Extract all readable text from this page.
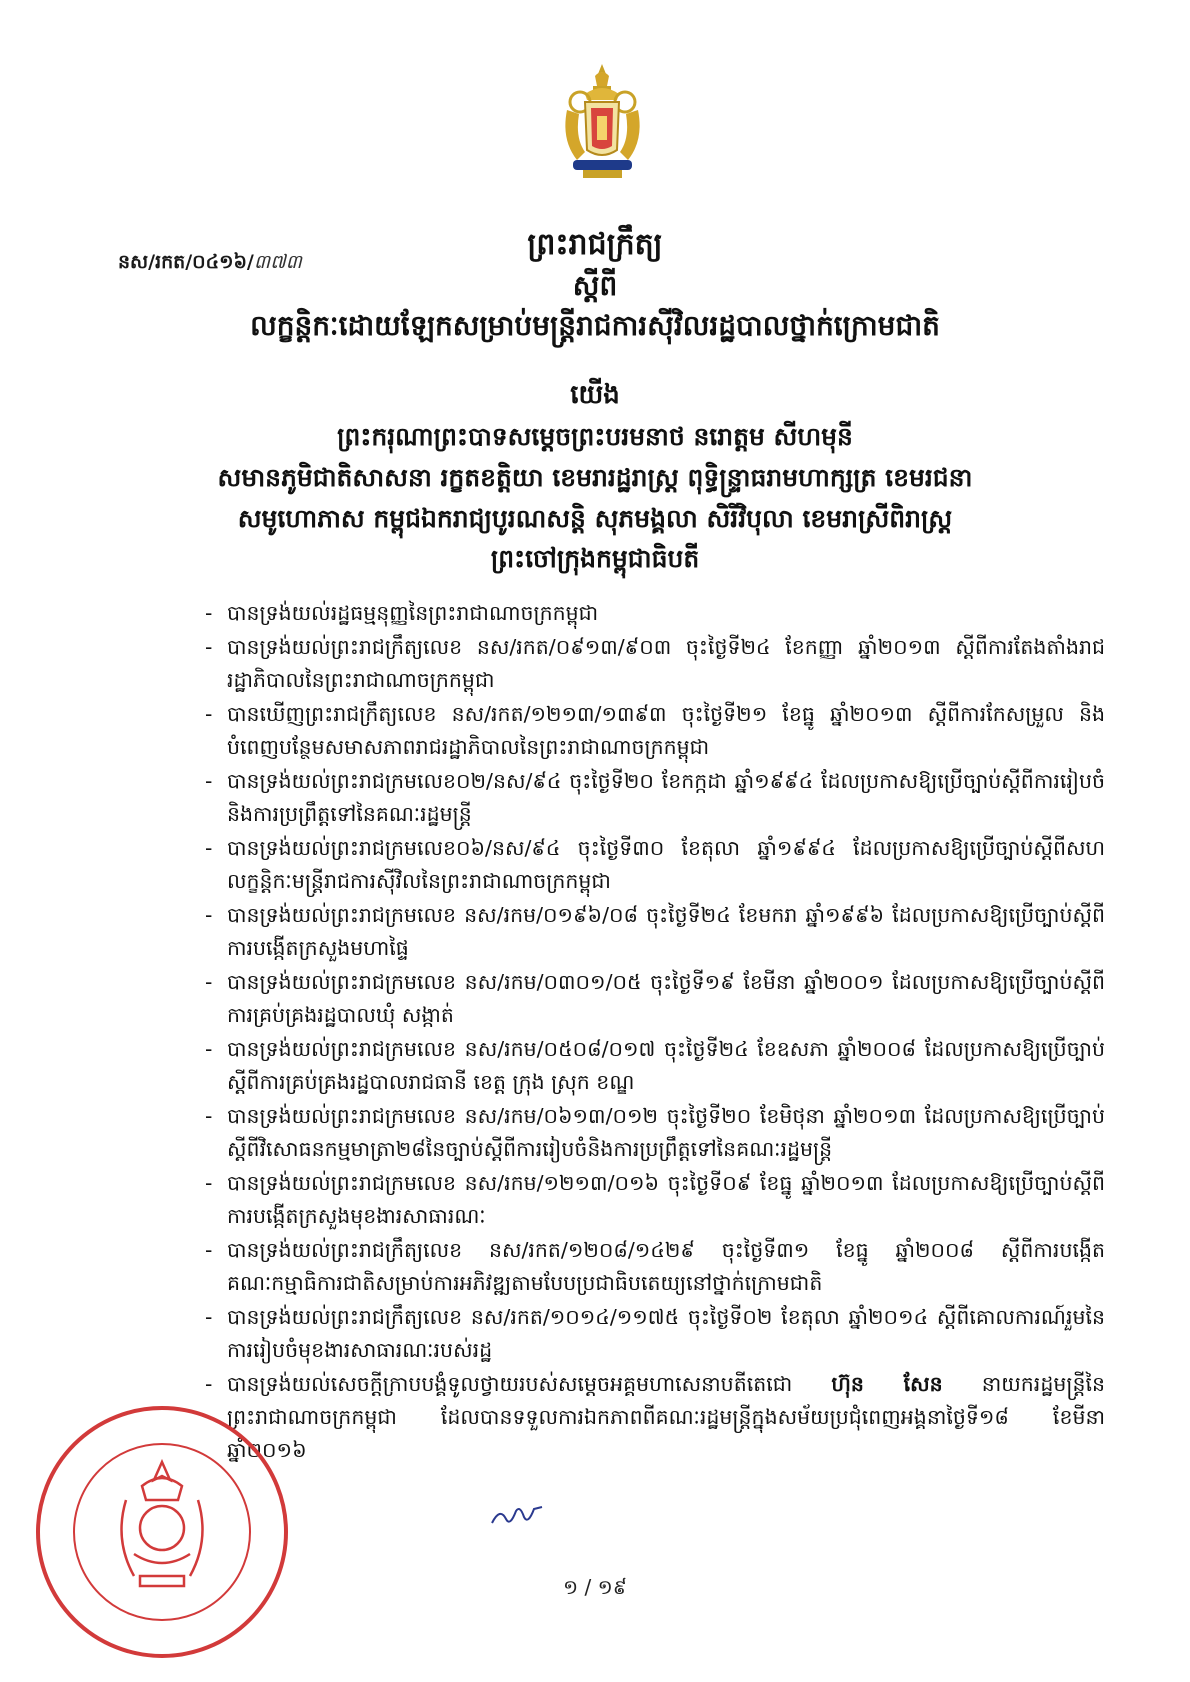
នស/រកត/០៤១៦/៣៧៣	ព្រះរាជក្រឹត្យ
ស្ដីពី
លក្ខន្តិកៈដោយឡែកសម្រាប់មន្ត្រីរាជការស៊ីវិលរដ្ឋបាលថ្នាក់ក្រោមជាតិ
យើង
ព្រះករុណាព្រះបាទសម្ដេចព្រះបរមនាថ នរោត្ដម សីហមុនី
សមានភូមិជាតិសាសនា រក្ខតខត្តិយា ខេមរារដ្ឋរាស្ដ្រ ពុទ្ធិន្ទ្រាធរាមហាក្សត្រ ខេមរជនា
សមូហោភាស កម្ពុជឯករាជ្យបូរណសន្ដិ សុភមង្គលា សិរីវិបុលា ខេមរាស្រីពិរាស្ដ្រ
ព្រះចៅក្រុងកម្ពុជាធិបតី
- បានទ្រង់យល់រដ្ឋធម្មនុញ្ញនៃព្រះរាជាណាចក្រកម្ពុជា
- បានទ្រង់យល់ព្រះរាជក្រឹត្យលេខ នស/រកត/០៩១៣/៩០៣ ចុះថ្ងៃទី២៤ ខែកញ្ញា ឆ្នាំ២០១៣ ស្ដីពីការតែងតាំងរាជរដ្ឋាភិបាលនៃព្រះរាជាណាចក្រកម្ពុជា
- បានឃើញព្រះរាជក្រឹត្យលេខ នស/រកត/១២១៣/១៣៩៣ ចុះថ្ងៃទី២១ ខែធ្នូ ឆ្នាំ២០១៣ ស្ដីពីការកែសម្រួល និងបំពេញបន្ថែមសមាសភាពរាជរដ្ឋាភិបាលនៃព្រះរាជាណាចក្រកម្ពុជា
- បានទ្រង់យល់ព្រះរាជក្រមលេខ០២/នស/៩៤ ចុះថ្ងៃទី២០ ខែកក្កដា ឆ្នាំ១៩៩៤ ដែលប្រកាសឱ្យប្រើច្បាប់ស្ដីពីការរៀបចំនិងការប្រព្រឹត្ដទៅនៃគណៈរដ្ឋមន្ត្រី
- បានទ្រង់យល់ព្រះរាជក្រមលេខ០៦/នស/៩៤ ចុះថ្ងៃទី៣០ ខែតុលា ឆ្នាំ១៩៩៤ ដែលប្រកាសឱ្យប្រើច្បាប់ស្ដីពីសហលក្ខន្តិកៈមន្ត្រីរាជការស៊ីវិលនៃព្រះរាជាណាចក្រកម្ពុជា
- បានទ្រង់យល់ព្រះរាជក្រមលេខ នស/រកម/០១៩៦/០៨ ចុះថ្ងៃទី២៤ ខែមករា ឆ្នាំ១៩៩៦ ដែលប្រកាសឱ្យប្រើច្បាប់ស្ដីពីការបង្កើតក្រសួងមហាផ្ទៃ
- បានទ្រង់យល់ព្រះរាជក្រមលេខ នស/រកម/០៣០១/០៥ ចុះថ្ងៃទី១៩ ខែមីនា ឆ្នាំ២០០១ ដែលប្រកាសឱ្យប្រើច្បាប់ស្ដីពីការគ្រប់គ្រងរដ្ឋបាលឃុំ សង្កាត់
- បានទ្រង់យល់ព្រះរាជក្រមលេខ នស/រកម/០៥០៨/០១៧ ចុះថ្ងៃទី២៤ ខែឧសភា ឆ្នាំ២០០៨ ដែលប្រកាសឱ្យប្រើច្បាប់ស្ដីពីការគ្រប់គ្រងរដ្ឋបាលរាជធានី ខេត្ដ ក្រុង ស្រុក ខណ្ឌ
- បានទ្រង់យល់ព្រះរាជក្រមលេខ នស/រកម/០៦១៣/០១២ ចុះថ្ងៃទី២០ ខែមិថុនា ឆ្នាំ២០១៣ ដែលប្រកាសឱ្យប្រើច្បាប់ស្ដីពីវិសោធនកម្មមាត្រា២៨នៃច្បាប់ស្ដីពីការរៀបចំនិងការប្រព្រឹត្ដទៅនៃគណៈរដ្ឋមន្ត្រី
- បានទ្រង់យល់ព្រះរាជក្រមលេខ នស/រកម/១២១៣/០១៦ ចុះថ្ងៃទី០៩ ខែធ្នូ ឆ្នាំ២០១៣ ដែលប្រកាសឱ្យប្រើច្បាប់ស្ដីពីការបង្កើតក្រសួងមុខងារសាធារណៈ
- បានទ្រង់យល់ព្រះរាជក្រឹត្យលេខ នស/រកត/១២០៨/១៤២៩ ចុះថ្ងៃទី៣១ ខែធ្នូ ឆ្នាំ២០០៨ ស្ដីពីការបង្កើតគណៈកម្មាធិការជាតិសម្រាប់ការអភិវឌ្ឍតាមបែបប្រជាធិបតេយ្យនៅថ្នាក់ក្រោមជាតិ
- បានទ្រង់យល់ព្រះរាជក្រឹត្យលេខ នស/រកត/១០១៤/១១៧៥ ចុះថ្ងៃទី០២ ខែតុលា ឆ្នាំ២០១៤ ស្ដីពីគោលការណ៍រួមនៃការរៀបចំមុខងារសាធារណៈរបស់រដ្ឋ
- បានទ្រង់យល់សេចក្ដីក្រាបបង្គំទូលថ្វាយរបស់សម្ដេចអគ្គមហាសេនាបតីតេជោ ហ៊ុន សែន នាយករដ្ឋមន្ត្រីនៃព្រះរាជាណាចក្រកម្ពុជា ដែលបានទទួលការឯកភាពពីគណៈរដ្ឋមន្ត្រីក្នុងសម័យប្រជុំពេញអង្គនាថ្ងៃទី១៨ ខែមីនា ឆ្នាំ២០១៦
១ / ១៩
